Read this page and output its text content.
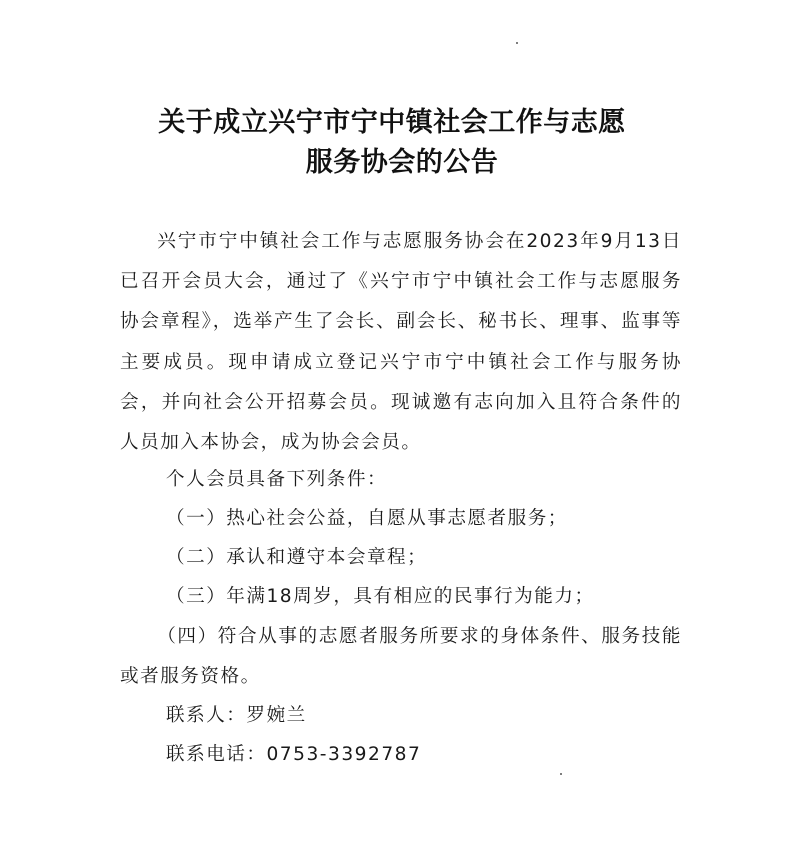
关于成立兴宁市宁中镇社会工作与志愿
服务协会的公告

兴宁市宁中镇社会工作与志愿服务协会在2023年9月13日已召开会员大会，通过了《兴宁市宁中镇社会工作与志愿服务协会章程》，选举产生了会长、副会长、秘书长、理事、监事等主要成员。现申请成立登记兴宁市宁中镇社会工作与服务协会，并向社会公开招募会员。现诚邀有志向加入且符合条件的人员加入本协会，成为协会会员。

个人会员具备下列条件：
（一）热心社会公益，自愿从事志愿者服务；
（二）承认和遵守本会章程；
（三）年满18周岁，具有相应的民事行为能力；

（四）符合从事的志愿者服务所要求的身体条件、服务技能或者服务资格。

联系人：罗婉兰
联系电话：0753-3392787
